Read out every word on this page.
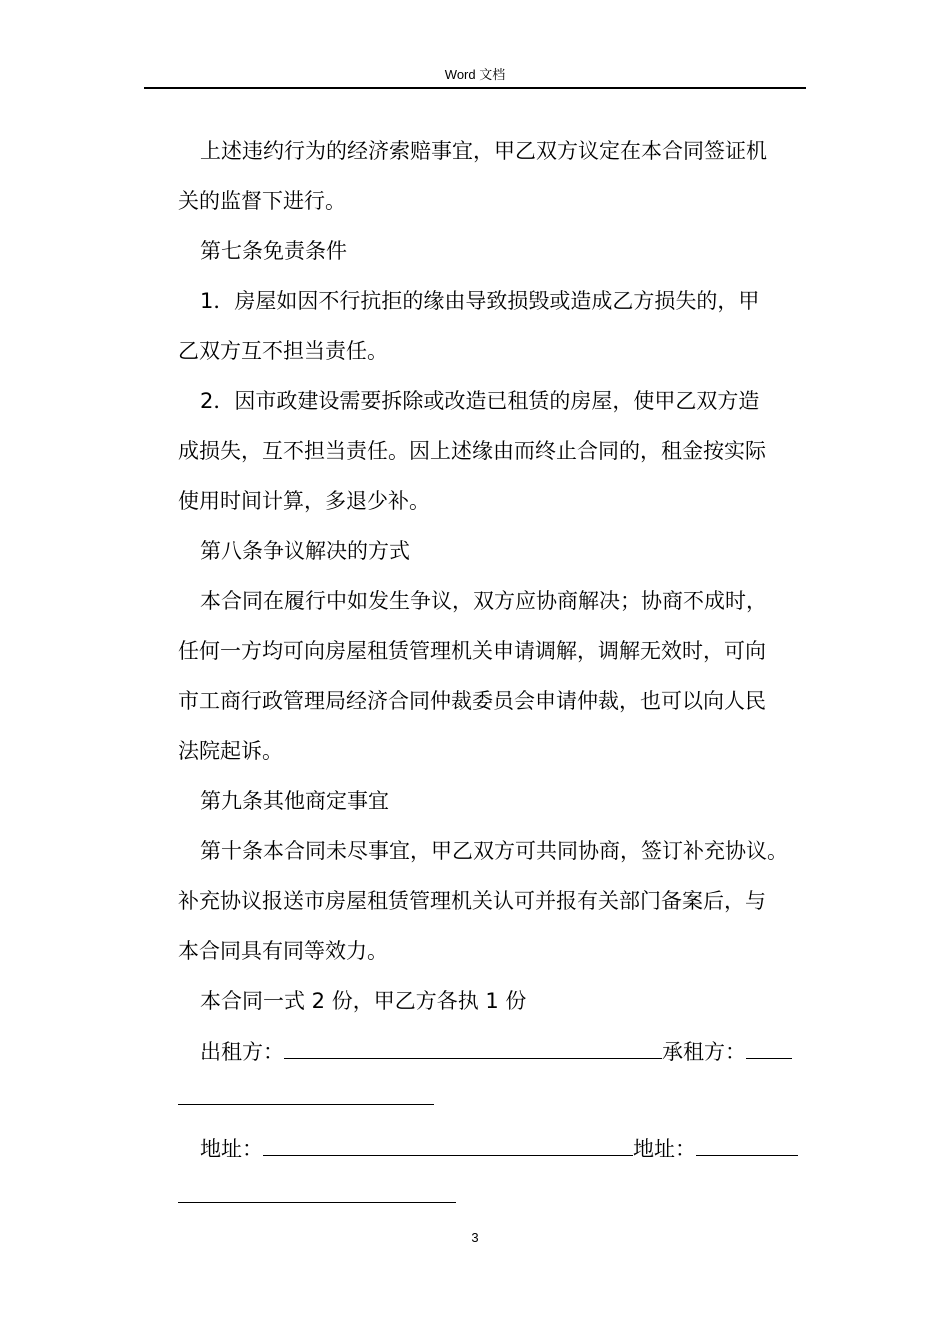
Word 文档
上述违约行为的经济索赔事宜，甲乙双方议定在本合同签证机
关的监督下进行。
第七条免责条件
1．房屋如因不行抗拒的缘由导致损毁或造成乙方损失的，甲
乙双方互不担当责任。
2．因市政建设需要拆除或改造已租赁的房屋，使甲乙双方造
成损失，互不担当责任。因上述缘由而终止合同的，租金按实际
使用时间计算，多退少补。
第八条争议解决的方式
本合同在履行中如发生争议，双方应协商解决；协商不成时，
任何一方均可向房屋租赁管理机关申请调解，调解无效时，可向
市工商行政管理局经济合同仲裁委员会申请仲裁，也可以向人民
法院起诉。
第九条其他商定事宜
第十条本合同未尽事宜，甲乙双方可共同协商，签订补充协议。
补充协议报送市房屋租赁管理机关认可并报有关部门备案后，与
本合同具有同等效力。
本合同一式 2 份，甲乙方各执 1 份
出租方：	承租方：
地址：	地址：
3
